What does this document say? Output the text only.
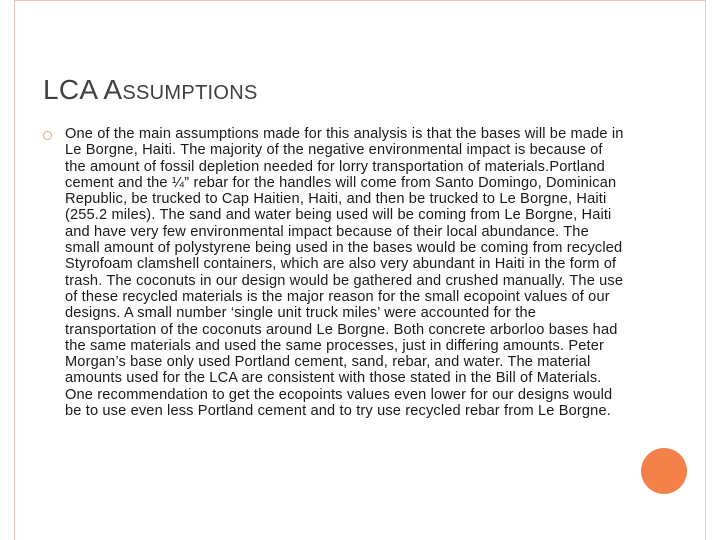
LCA ASSUMPTIONS
One of the main assumptions made for this analysis is that the bases will be made in Le Borgne, Haiti. The majority of the negative environmental impact is because of the amount of fossil depletion needed for lorry transportation of materials.Portland cement and the ¼” rebar for the handles will come from Santo Domingo, Dominican Republic, be trucked to Cap Haitien, Haiti, and then be trucked to Le Borgne, Haiti (255.2 miles). The sand and water being used will be coming from Le Borgne, Haiti and have very few environmental impact because of their local abundance. The small amount of polystyrene being used in the bases would be coming from recycled Styrofoam clamshell containers, which are also very abundant in Haiti in the form of trash. The coconuts in our design would be gathered and crushed manually. The use of these recycled materials is the major reason for the small ecopoint values of our designs. A small number ‘single unit truck miles’ were accounted for the transportation of the coconuts around Le Borgne. Both concrete arborloo bases had the same materials and used the same processes, just in differing amounts. Peter Morgan’s base only used Portland cement, sand, rebar, and water. The material amounts used for the LCA are consistent with those stated in the Bill of Materials. One recommendation to get the ecopoints values even lower for our designs would be to use even less Portland cement and to try use recycled rebar from Le Borgne.
